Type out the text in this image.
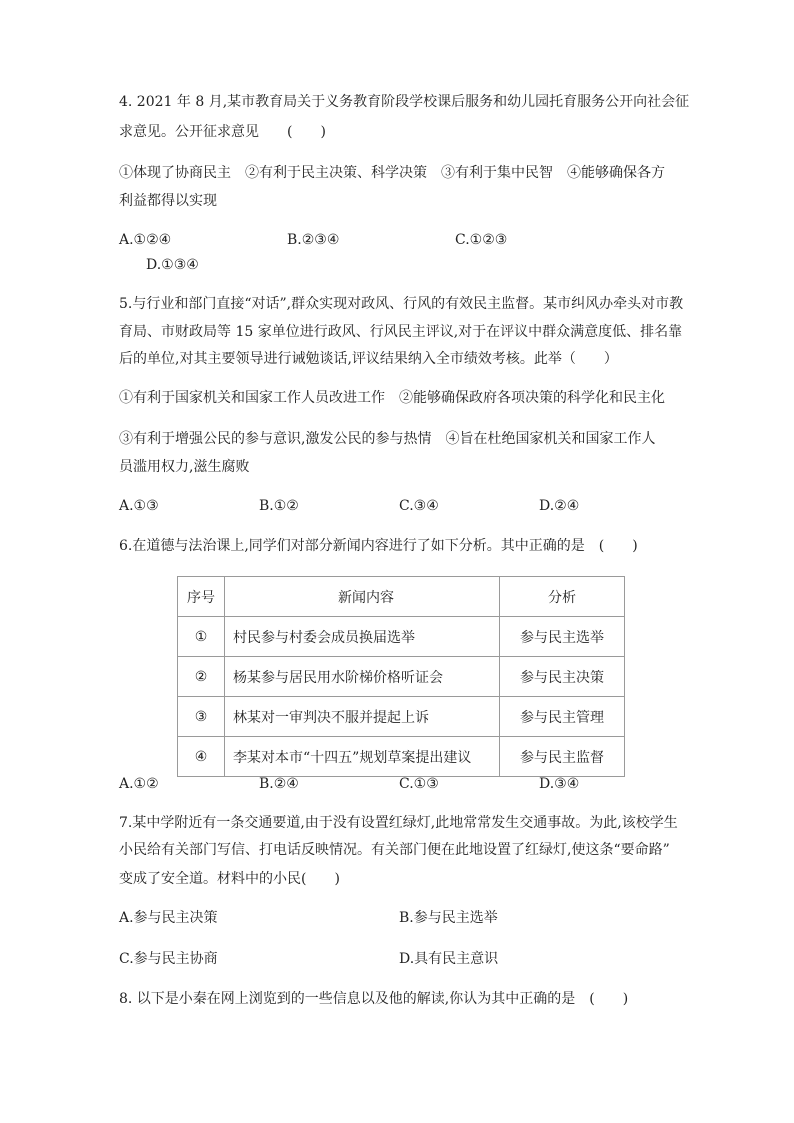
4. 2021 年 8 月,某市教育局关于义务教育阶段学校课后服务和幼儿园托育服务公开向社会征
求意见。公开征求意见　　(　　)
①体现了协商民主　②有利于民主决策、科学决策　③有利于集中民智　④能够确保各方
利益都得以实现
A.①②④	B.②③④	C.①②③
D.①③④
5.与行业和部门直接“对话”,群众实现对政风、行风的有效民主监督。某市纠风办牵头对市教
育局、市财政局等 15 家单位进行政风、行风民主评议,对于在评议中群众满意度低、排名靠
后的单位,对其主要领导进行诫勉谈话,评议结果纳入全市绩效考核。此举（　　）
①有利于国家机关和国家工作人员改进工作　②能够确保政府各项决策的科学化和民主化
③有利于增强公民的参与意识,激发公民的参与热情　④旨在杜绝国家机关和国家工作人
员滥用权力,滋生腐败
A.①③	B.①②	C.③④	D.②④
6.在道德与法治课上,同学们对部分新闻内容进行了如下分析。其中正确的是　(　　)
序号	新闻内容	分析
①	村民参与村委会成员换届选举	参与民主选举
②	杨某参与居民用水阶梯价格听证会	参与民主决策
③	林某对一审判决不服并提起上诉	参与民主管理
④	李某对本市“十四五”规划草案提出建议	参与民主监督
A.①②	B.②④	C.①③	D.③④
7.某中学附近有一条交通要道,由于没有设置红绿灯,此地常常发生交通事故。为此,该校学生
小民给有关部门写信、打电话反映情况。有关部门便在此地设置了红绿灯,使这条“要命路”
变成了安全道。材料中的小民(　　)
A.参与民主决策	B.参与民主选举
C.参与民主协商	D.具有民主意识
8. 以下是小秦在网上浏览到的一些信息以及他的解读,你认为其中正确的是　(　　)
